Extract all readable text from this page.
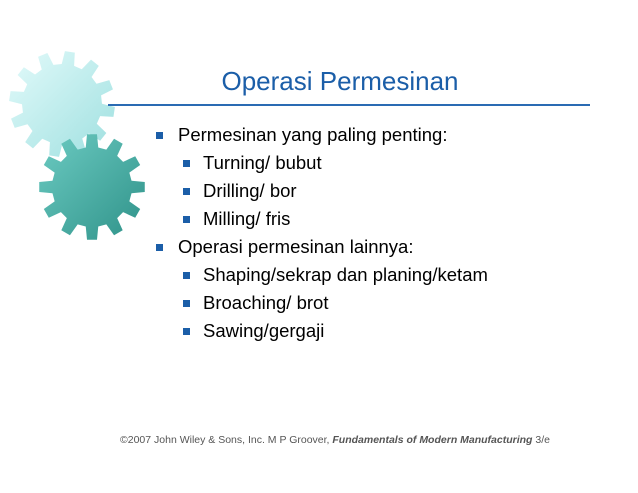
Operasi Permesinan
Permesinan yang paling penting:
Turning/ bubut
Drilling/ bor
Milling/ fris
Operasi permesinan lainnya:
Shaping/sekrap dan planing/ketam
Broaching/ brot
Sawing/gergaji
©2007 John Wiley & Sons, Inc. M P Groover, Fundamentals of Modern Manufacturing 3/e
